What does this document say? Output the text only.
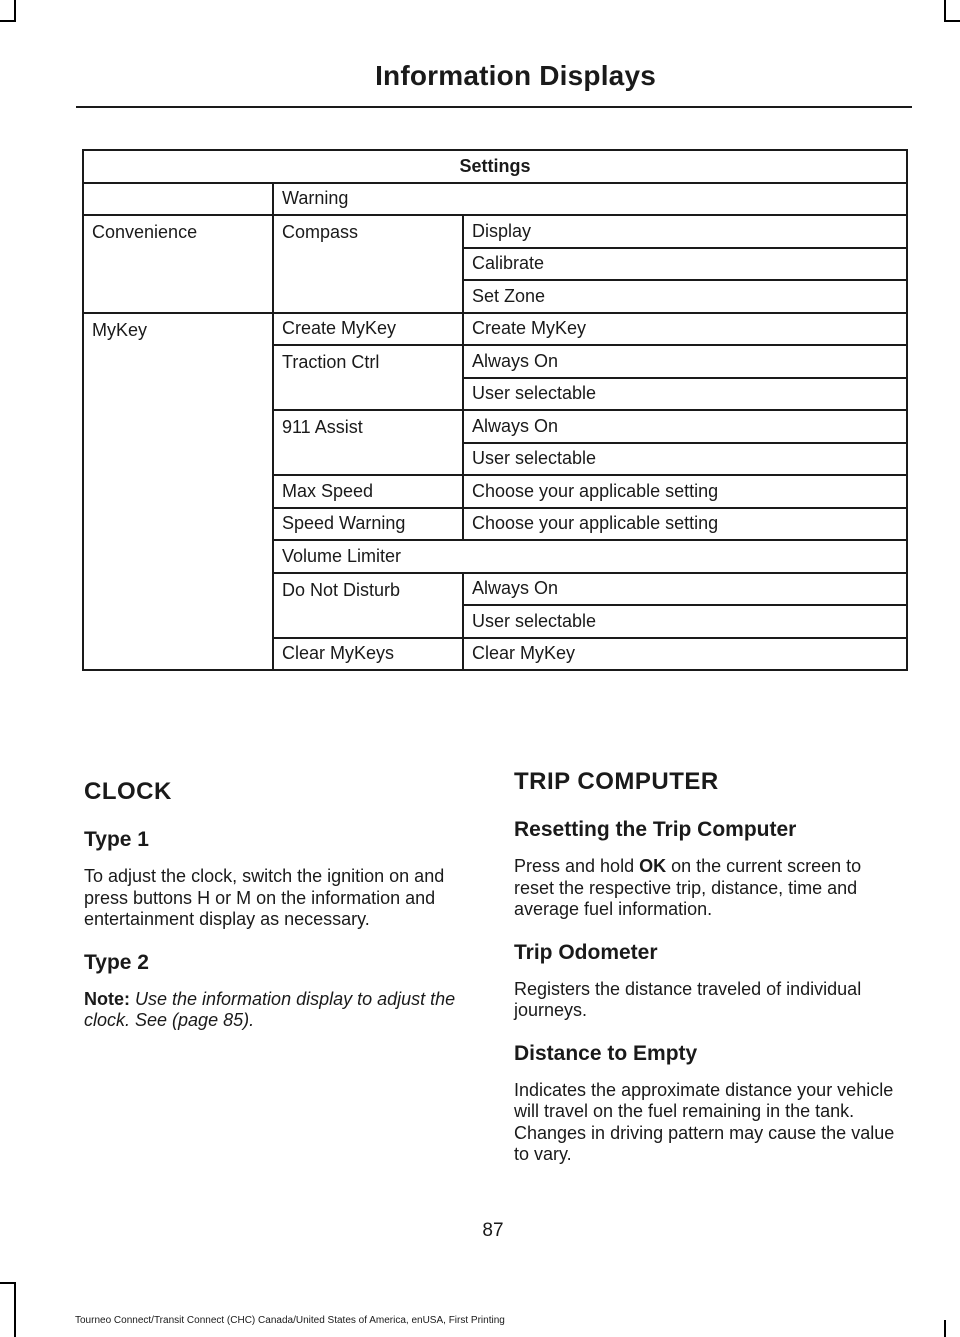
Information Displays
Settings		
	Warning	
Convenience	Compass	Display
		Calibrate
		Set Zone
MyKey	Create MyKey	Create MyKey
	Traction Ctrl	Always On
		User selectable
	911 Assist	Always On
		User selectable
	Max Speed	Choose your applicable setting
	Speed Warning	Choose your applicable setting
	Volume Limiter	
	Do Not Disturb	Always On
		User selectable
	Clear MyKeys	Clear MyKey
CLOCK
Type 1

To adjust the clock, switch the ignition on and press buttons H or M on the information and entertainment display as necessary.

Type 2

Note: Use the information display to adjust the clock. See (page 85).

TRIP COMPUTER
Resetting the Trip Computer

Press and hold OK on the current screen to reset the respective trip, distance, time and average fuel information.

Trip Odometer

Registers the distance traveled of individual journeys.

Distance to Empty

Indicates the approximate distance your vehicle will travel on the fuel remaining in the tank. Changes in driving pattern may cause the value to vary.

87
Tourneo Connect/Transit Connect (CHC) Canada/United States of America, enUSA, First Printing
